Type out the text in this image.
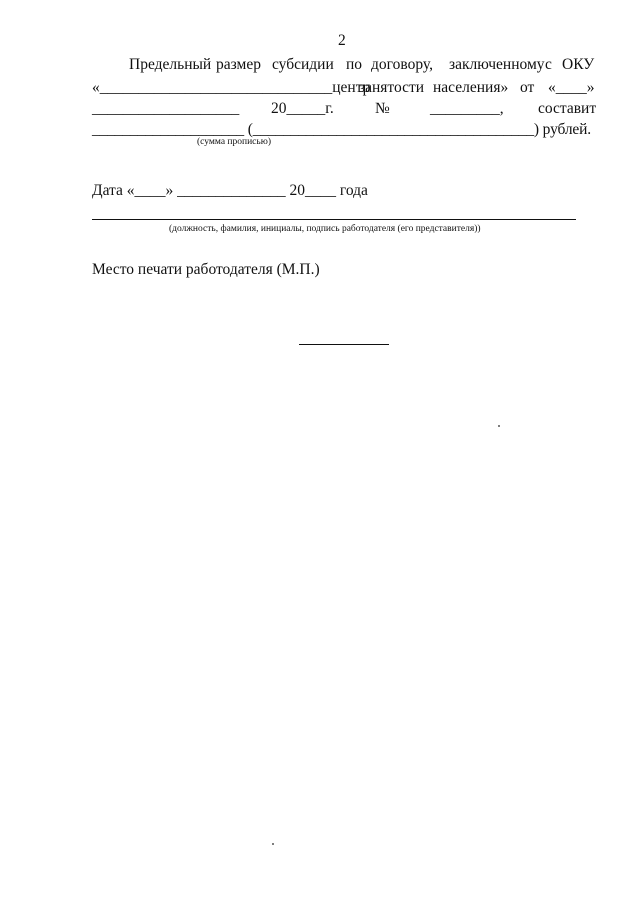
2
Предельный размер субсидии по договору, заключенному с ОКУ
«______________________________центр
занятости населения» от «____»
___________________ 20_____г.	№	_________, составит
____________________ (_____________________________________) рублей.
(сумма прописью)
Дата «____» ______________ 20____ года
(должность, фамилия, инициалы, подпись работодателя (его представителя))
Место печати работодателя (М.П.)
